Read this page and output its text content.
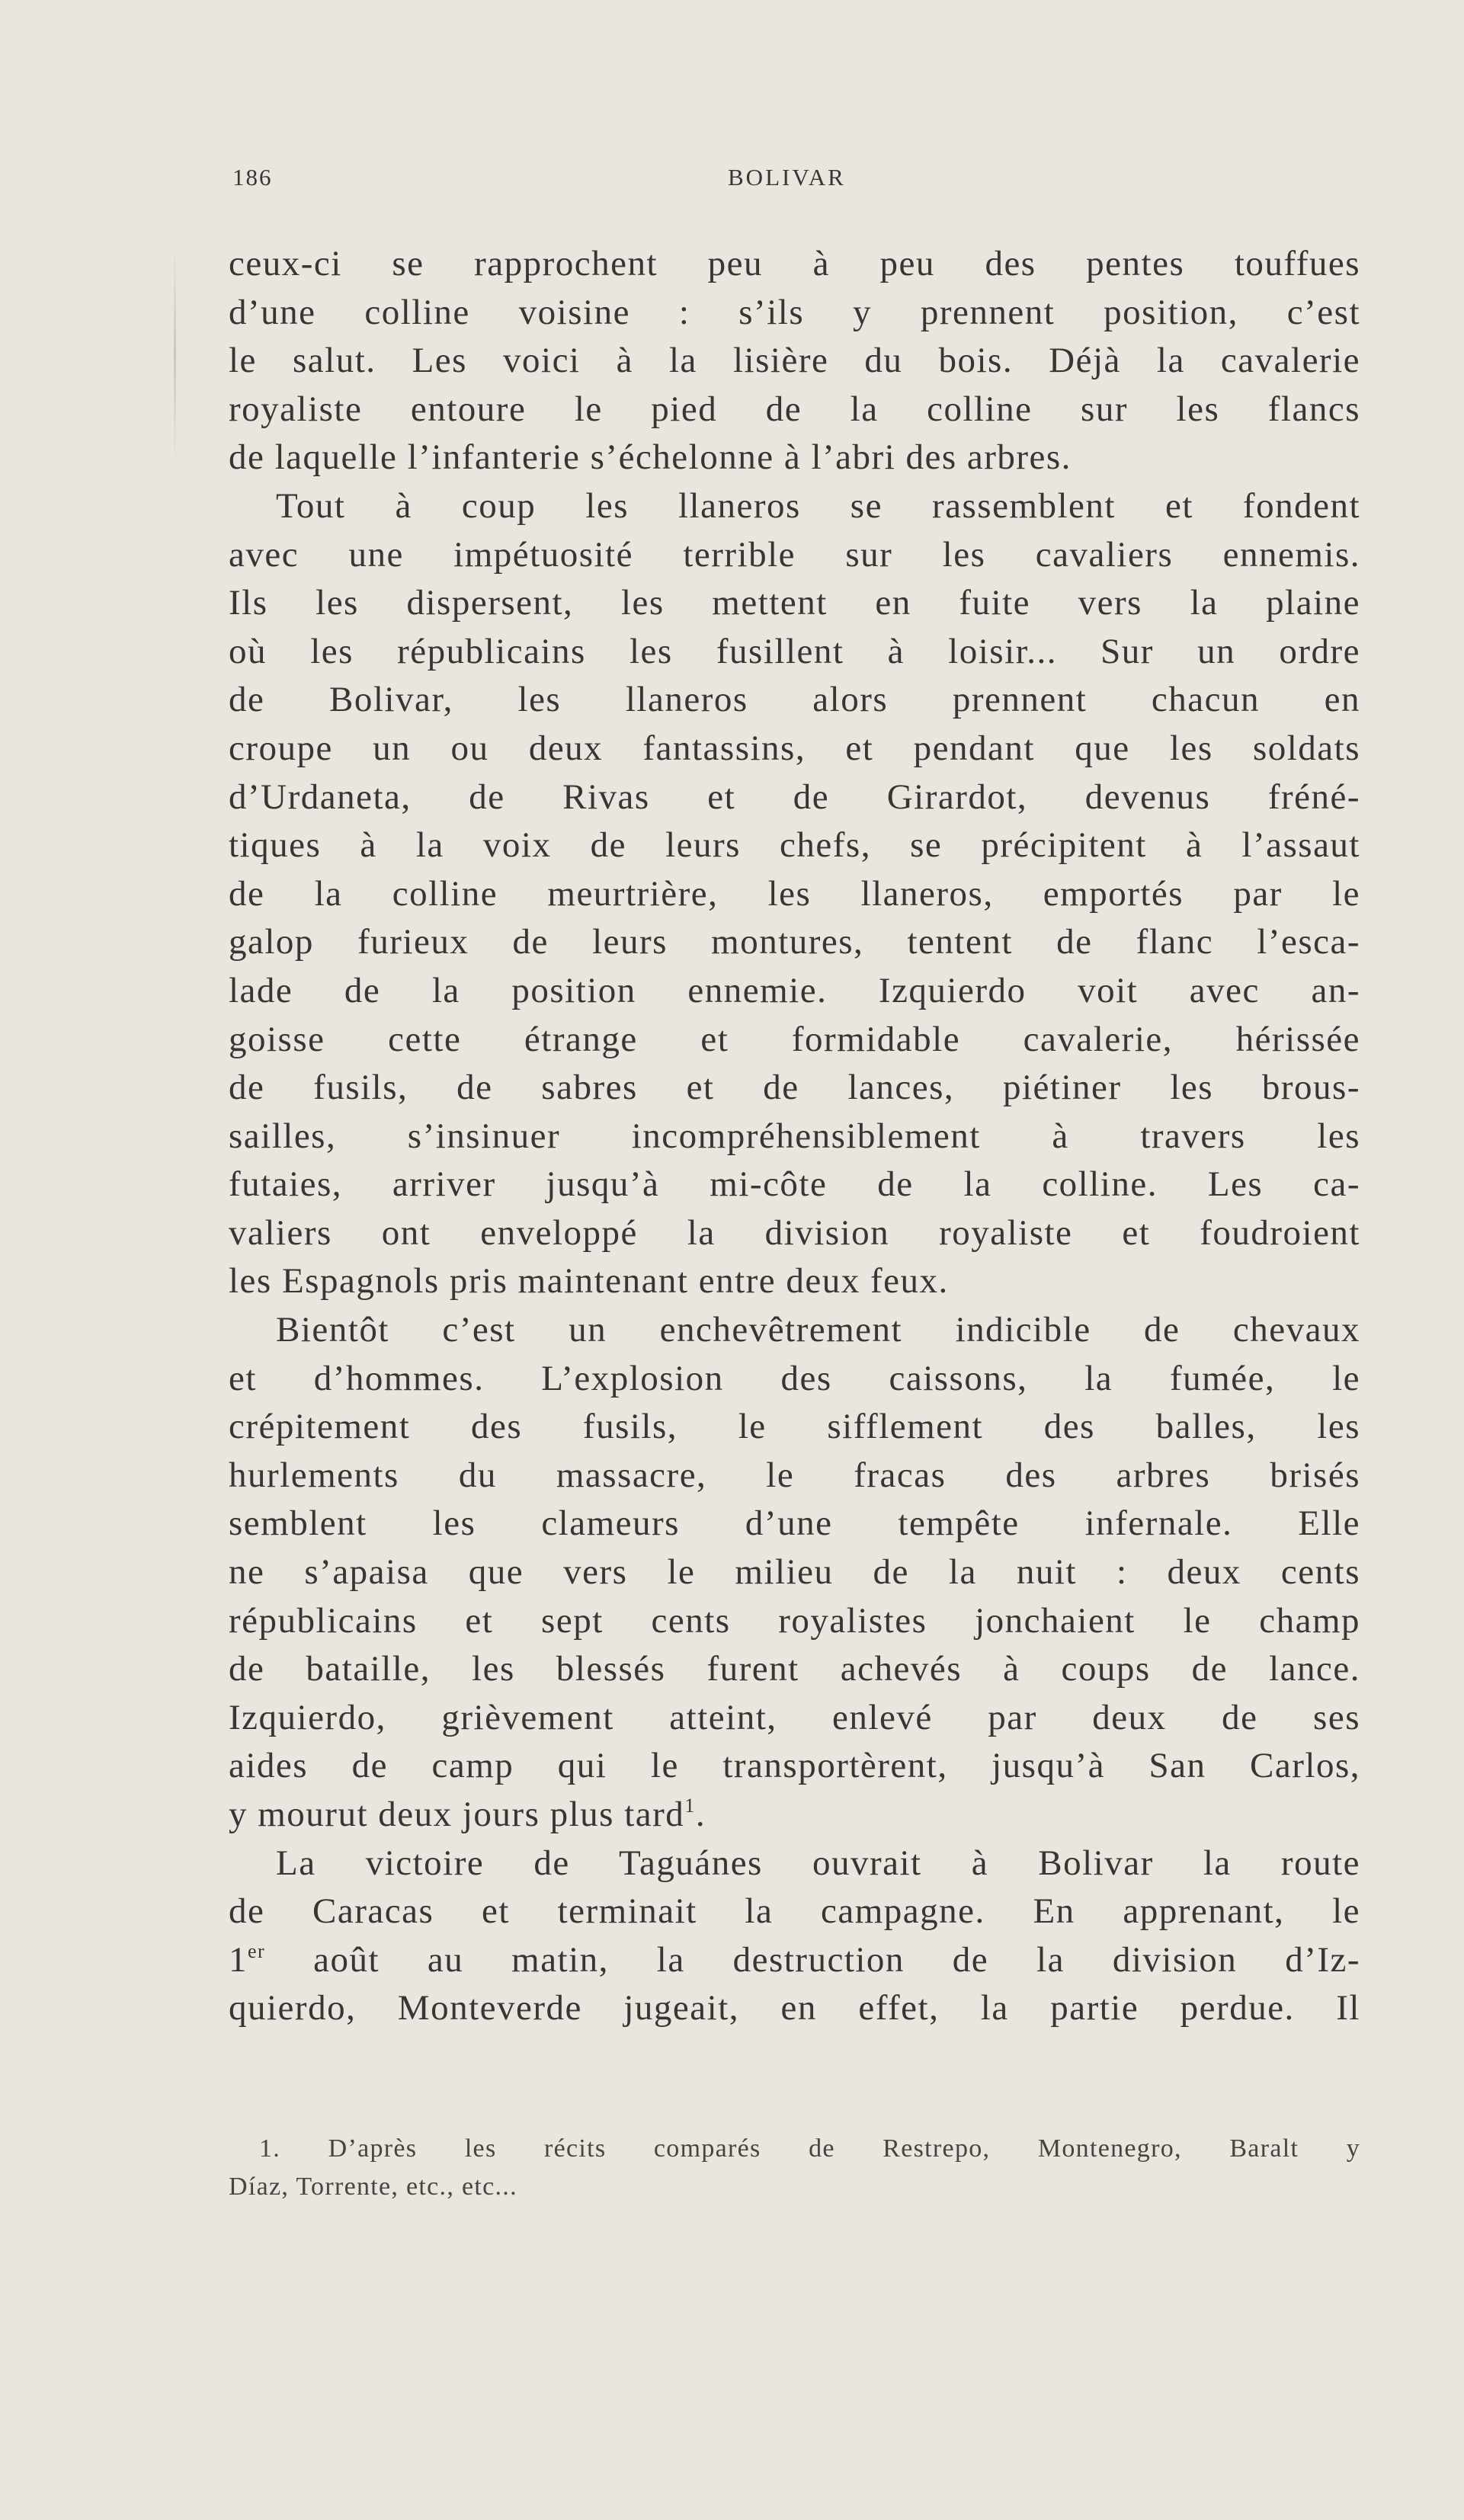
186	BOLIVAR
ceux-ci se rapprochent peu à peu des pentes touffues
d’une colline voisine : s’ils y prennent position, c’est
le salut. Les voici à la lisière du bois. Déjà la cavalerie
royaliste entoure le pied de la colline sur les flancs
de laquelle l’infanterie s’échelonne à l’abri des arbres.
Tout à coup les llaneros se rassemblent et fondent
avec une impétuosité terrible sur les cavaliers ennemis.
Ils les dispersent, les mettent en fuite vers la plaine
où les républicains les fusillent à loisir... Sur un ordre
de Bolivar, les llaneros alors prennent chacun en
croupe un ou deux fantassins, et pendant que les soldats
d’Urdaneta, de Rivas et de Girardot, devenus fréné-
tiques à la voix de leurs chefs, se précipitent à l’assaut
de la colline meurtrière, les llaneros, emportés par le
galop furieux de leurs montures, tentent de flanc l’esca-
lade de la position ennemie. Izquierdo voit avec an-
goisse cette étrange et formidable cavalerie, hérissée
de fusils, de sabres et de lances, piétiner les brous-
sailles, s’insinuer incompréhensiblement à travers les
futaies, arriver jusqu’à mi-côte de la colline. Les ca-
valiers ont enveloppé la division royaliste et foudroient
les Espagnols pris maintenant entre deux feux.
Bientôt c’est un enchevêtrement indicible de chevaux
et d’hommes. L’explosion des caissons, la fumée, le
crépitement des fusils, le sifflement des balles, les
hurlements du massacre, le fracas des arbres brisés
semblent les clameurs d’une tempête infernale. Elle
ne s’apaisa que vers le milieu de la nuit : deux cents
républicains et sept cents royalistes jonchaient le champ
de bataille, les blessés furent achevés à coups de lance.
Izquierdo, grièvement atteint, enlevé par deux de ses
aides de camp qui le transportèrent, jusqu’à San Carlos,
y mourut deux jours plus tard$^1$.
La victoire de Taguánes ouvrait à Bolivar la route
de Caracas et terminait la campagne. En apprenant, le
1er août au matin, la destruction de la division d’Iz-
quierdo, Monteverde jugeait, en effet, la partie perdue. Il
1. D’après les récits comparés de Restrepo, Montenegro, Baralt y
Díaz, Torrente, etc., etc...
